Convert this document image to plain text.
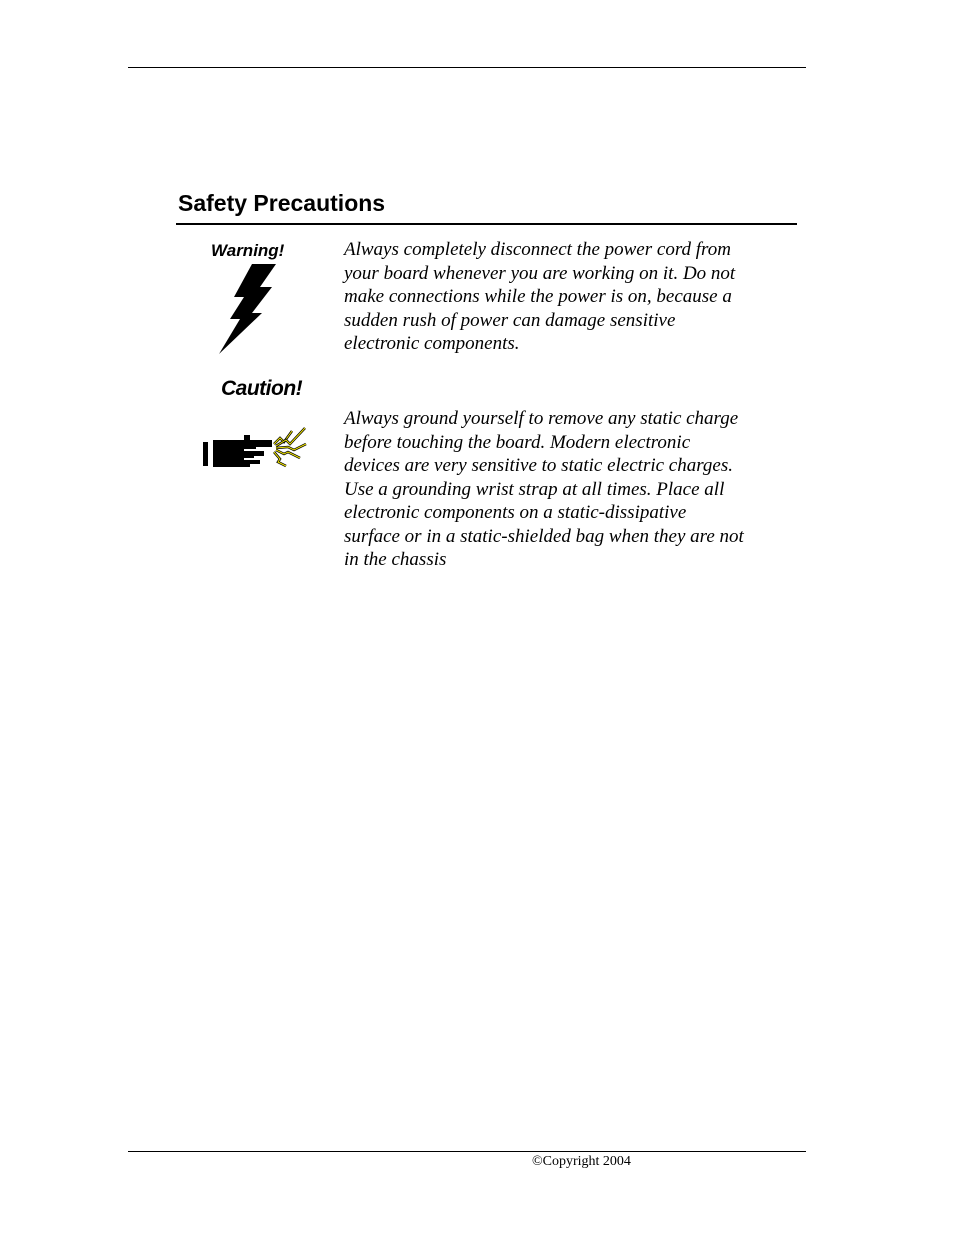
Safety Precautions
Warning!	Always completely disconnect the power cord from
your board whenever you are working on it. Do not
make connections while the power is on, because a
sudden rush of power can damage sensitive
electronic components.

Caution!

Always ground yourself to remove any static charge
before touching the board. Modern electronic
devices are very sensitive to static electric charges.
Use a grounding wrist strap at all times. Place all
electronic components on a static-dissipative
surface or in a static-shielded bag when they are not
in the chassis

©Copyright 2004
